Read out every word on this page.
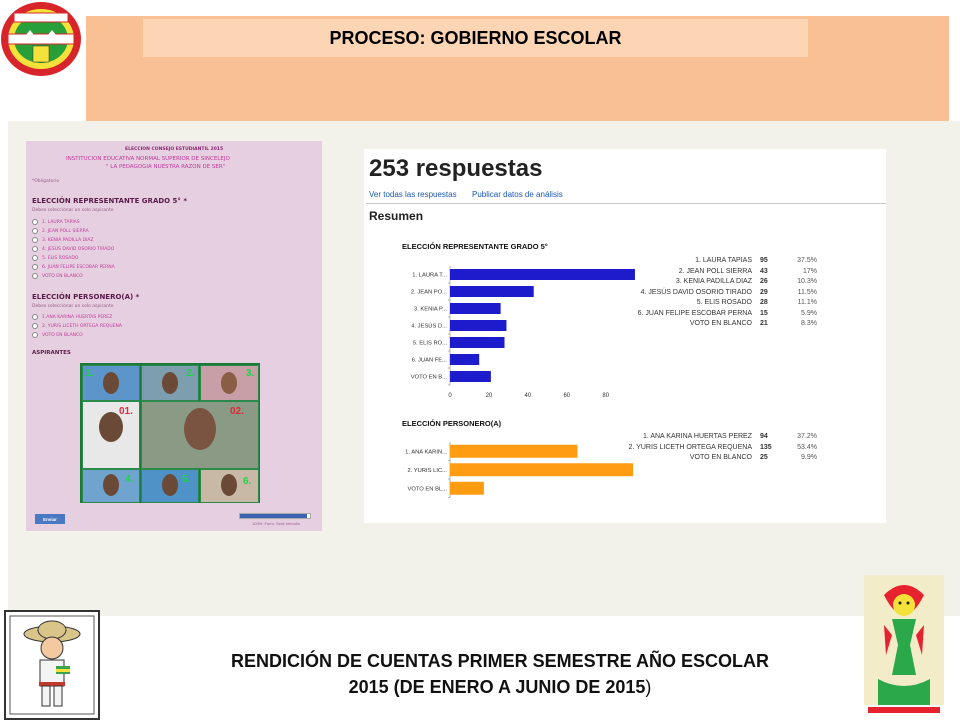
PROCESO: GOBIERNO ESCOLAR
ELECCION CONSEJO ESTUDIANTIL 2015
INSTITUCION EDUCATIVA NORMAL SUPERIOR DE SINCELEJO
" LA PEDAGOGIA NUESTRA RAZON DE SER"
*Obligatorio
ELECCIÓN REPRESENTANTE GRADO 5° *
Debes seleccionar un solo aspirante
1. LAURA TAPIAS
2. JEAN POLL SIERRA
3. KENIA PADILLA DIAZ
4. JESUS DAVID OSORIO TIRADO
5. ELIS ROSADO
6. JUAN FELIPE ESCOBAR PERNA
VOTO EN BLANCO
ELECCIÓN PERSONERO(A) *
Debes seleccionar un solo aspirante
1.ANA KARINA HUERTAS PEREZ
2. YURIS LICETH ORTEGA REQUENA
VOTO EN BLANCO
ASPIRANTES
1.	2.	3.
01.	02.
4.	5.	6.
Enviar
100%: Form: Sent-Vemo0n
253 respuestas
Ver todas las respuestas Publicar datos de análisis
Resumen
ELECCIÓN REPRESENTANTE GRADO 5°
1. LAURA T...
2. JEAN PO...
3. KENIA P...
4. JESÚS D...
5. ELIS RO...
6. JUAN FE...
VOTO EN B...
0	20	40	60	80
1. LAURA TAPIAS 95	37.5%
2. JEAN POLL SIERRA 43	17%
3. KENIA PADILLA DIAZ 26	10.3%
4. JESÚS DAVID OSORIO TIRADO 29	11.5%
5. ELIS ROSADO 28	11.1%
6. JUAN FELIPE ESCOBAR PERNA 15	5.9%
VOTO EN BLANCO 21	8.3%
ELECCIÓN PERSONERO(A)
1. ANA KARIN...
2. YURIS LIC...
VOTO EN BL...
1. ANA KARINA HUERTAS PEREZ 94	37.2%
2. YURIS LICETH ORTEGA REQUENA 135	53.4%
VOTO EN BLANCO 25	9.9%
RENDICIÓN DE CUENTAS PRIMER SEMESTRE AÑO ESCOLAR
2015 (DE ENERO A JUNIO DE 2015)
